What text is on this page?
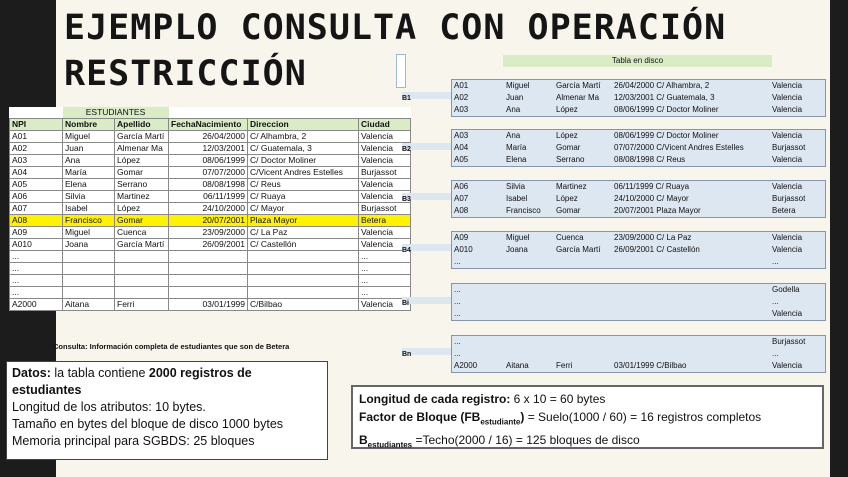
EJEMPLO CONSULTA CON OPERACIÓN
RESTRICCIÓN
	ESTUDIANTES				
NPI	Nombre	Apellido	FechaNacimiento	Direccion	Ciudad
A01	Miguel	García Martí	26/04/2000	C/ Alhambra, 2	Valencia
A02	Juan	Almenar Ma	12/03/2001	C/ Guatemala, 3	Valencia
A03	Ana	López	08/06/1999	C/ Doctor Moliner	Valencia
A04	María	Gomar	07/07/2000	C/Vicent Andres Estelles	Burjassot
A05	Elena	Serrano	08/08/1998	C/ Reus	Valencia
A06	Silvia	Martinez	06/11/1999	C/ Ruaya	Valencia
A07	Isabel	López	24/10/2000	C/ Mayor	Burjassot
A08	Francisco	Gomar	20/07/2001	Plaza Mayor	Betera
A09	Miguel	Cuenca	23/09/2000	C/ La Paz	Valencia
A010	Joana	García Martí	26/09/2001	C/ Castellón	Valencia
...					...
...					...
...					...
...					...
A2000	Aitana	Ferri	03/01/1999	C/Bilbao	Valencia
Consulta: Información completa de estudiantes que son de Betera
Tabla en disco
A01	Miguel	García Martí	26/04/2000 C/ Alhambra, 2	Valencia
A02	Juan	Almenar Ma	12/03/2001 C/ Guatemala, 3	Valencia
A03	Ana	López	08/06/1999 C/ Doctor Moliner	Valencia
B1
A03	Ana	López	08/06/1999 C/ Doctor Moliner	Valencia
A04	María	Gomar	07/07/2000 C/Vicent Andres Estelles	Burjassot
A05	Elena	Serrano	08/08/1998 C/ Reus	Valencia
B2
A06	Silvia	Martinez	06/11/1999 C/ Ruaya	Valencia
A07	Isabel	López	24/10/2000 C/ Mayor	Burjassot
A08	Francisco	Gomar	20/07/2001 Plaza Mayor	Betera
B3
A09	Miguel	Cuenca	23/09/2000 C/ La Paz	Valencia
A010	Joana	García Martí	26/09/2001 C/ Castellón	Valencia
...				...
B4
...				Godella
...				...
...				Valencia
Bi
...				Burjassot
...				...
A2000	Aitana	Ferri	03/01/1999 C/Bilbao	Valencia
Bn
Datos: la tabla contiene 2000 registros de estudiantes
Longitud de los atributos: 10 bytes.
Tamaño en bytes del bloque de disco 1000 bytes
Memoria principal para SGBDS: 25 bloques
Longitud de cada registro: 6 x 10 = 60 bytes
Factor de Bloque $(FB_{estudiante})$ = Suelo(1000 / 60) = 16 registros completos
$B_{estudiantes}$ =Techo(2000 / 16) = 125 bloques de disco
